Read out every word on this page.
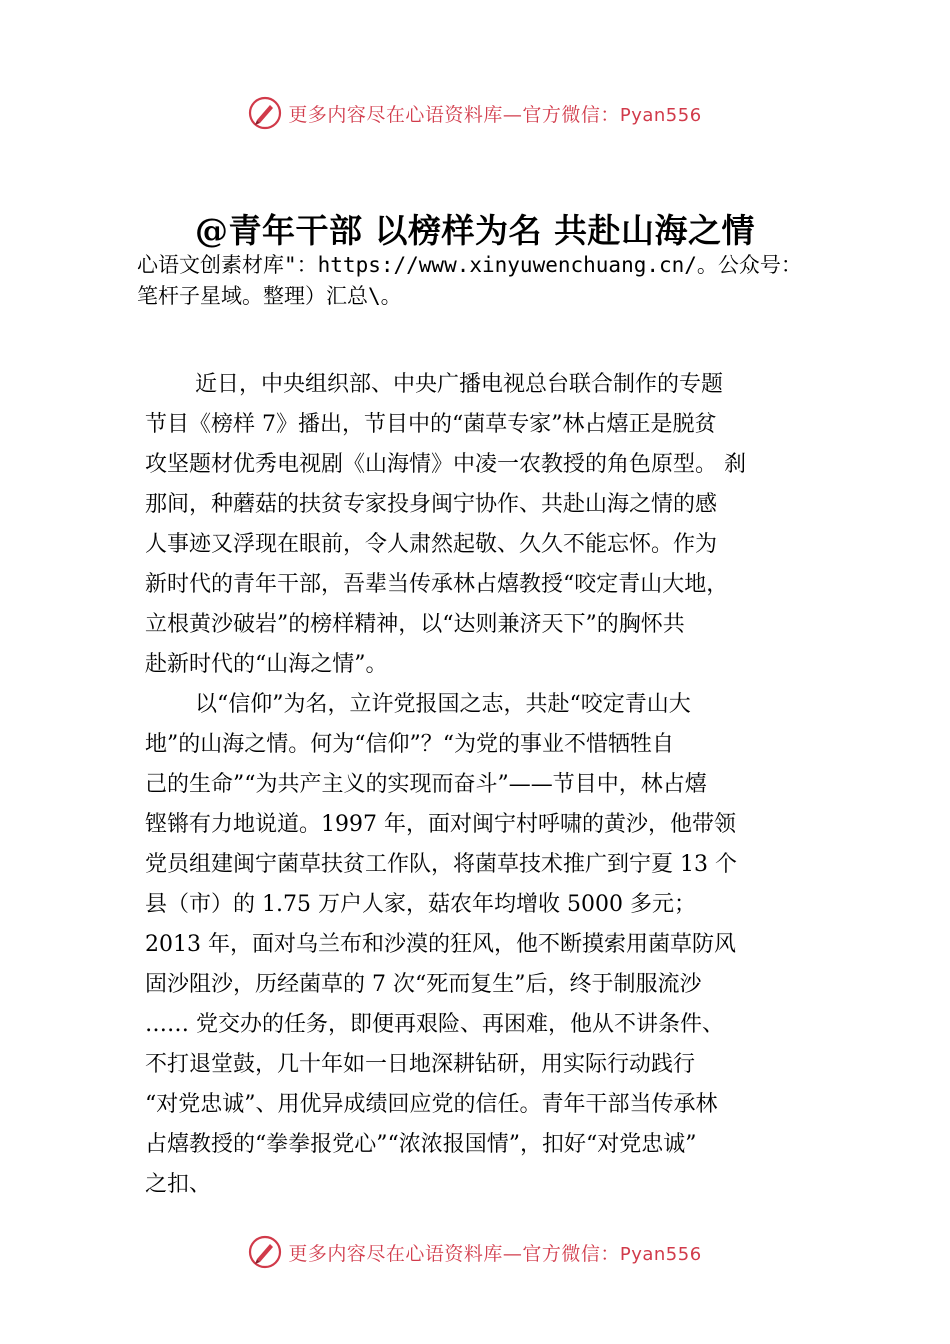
更多内容尽在心语资料库—官方微信：Pyan556
@青年干部 以榜样为名 共赴山海之情
心语文创素材库"：https://www.xinyuwenchuang.cn/。公众号：
笔杆子星域。整理）汇总\。
近日，中央组织部、中央广播电视总台联合制作的专题
节目《榜样 7》播出，节目中的“菌草专家”林占熺正是脱贫
攻坚题材优秀电视剧《山海情》中凌一农教授的角色原型。 刹
那间，种蘑菇的扶贫专家投身闽宁协作、共赴山海之情的感
人事迹又浮现在眼前，令人肃然起敬、久久不能忘怀。作为
新时代的青年干部，吾辈当传承林占熺教授“咬定青山大地，
立根黄沙破岩”的榜样精神，以“达则兼济天下”的胸怀共
赴新时代的“山海之情”。
以“信仰”为名，立许党报国之志，共赴“咬定青山大
地”的山海之情。何为“信仰”？“为党的事业不惜牺牲自
己的生命”“为共产主义的实现而奋斗”——节目中，林占熺
铿锵有力地说道。1997 年，面对闽宁村呼啸的黄沙，他带领
党员组建闽宁菌草扶贫工作队，将菌草技术推广到宁夏 13 个
县（市）的 1.75 万户人家，菇农年均增收 5000 多元；
2013 年，面对乌兰布和沙漠的狂风，他不断摸索用菌草防风
固沙阻沙，历经菌草的 7 次“死而复生”后，终于制服流沙
…… 党交办的任务，即便再艰险、再困难，他从不讲条件、
不打退堂鼓，几十年如一日地深耕钻研，用实际行动践行
“对党忠诚”、用优异成绩回应党的信任。青年干部当传承林
占熺教授的“拳拳报党心”“浓浓报国情”，扣好“对党忠诚”
之扣、
更多内容尽在心语资料库—官方微信：Pyan556
